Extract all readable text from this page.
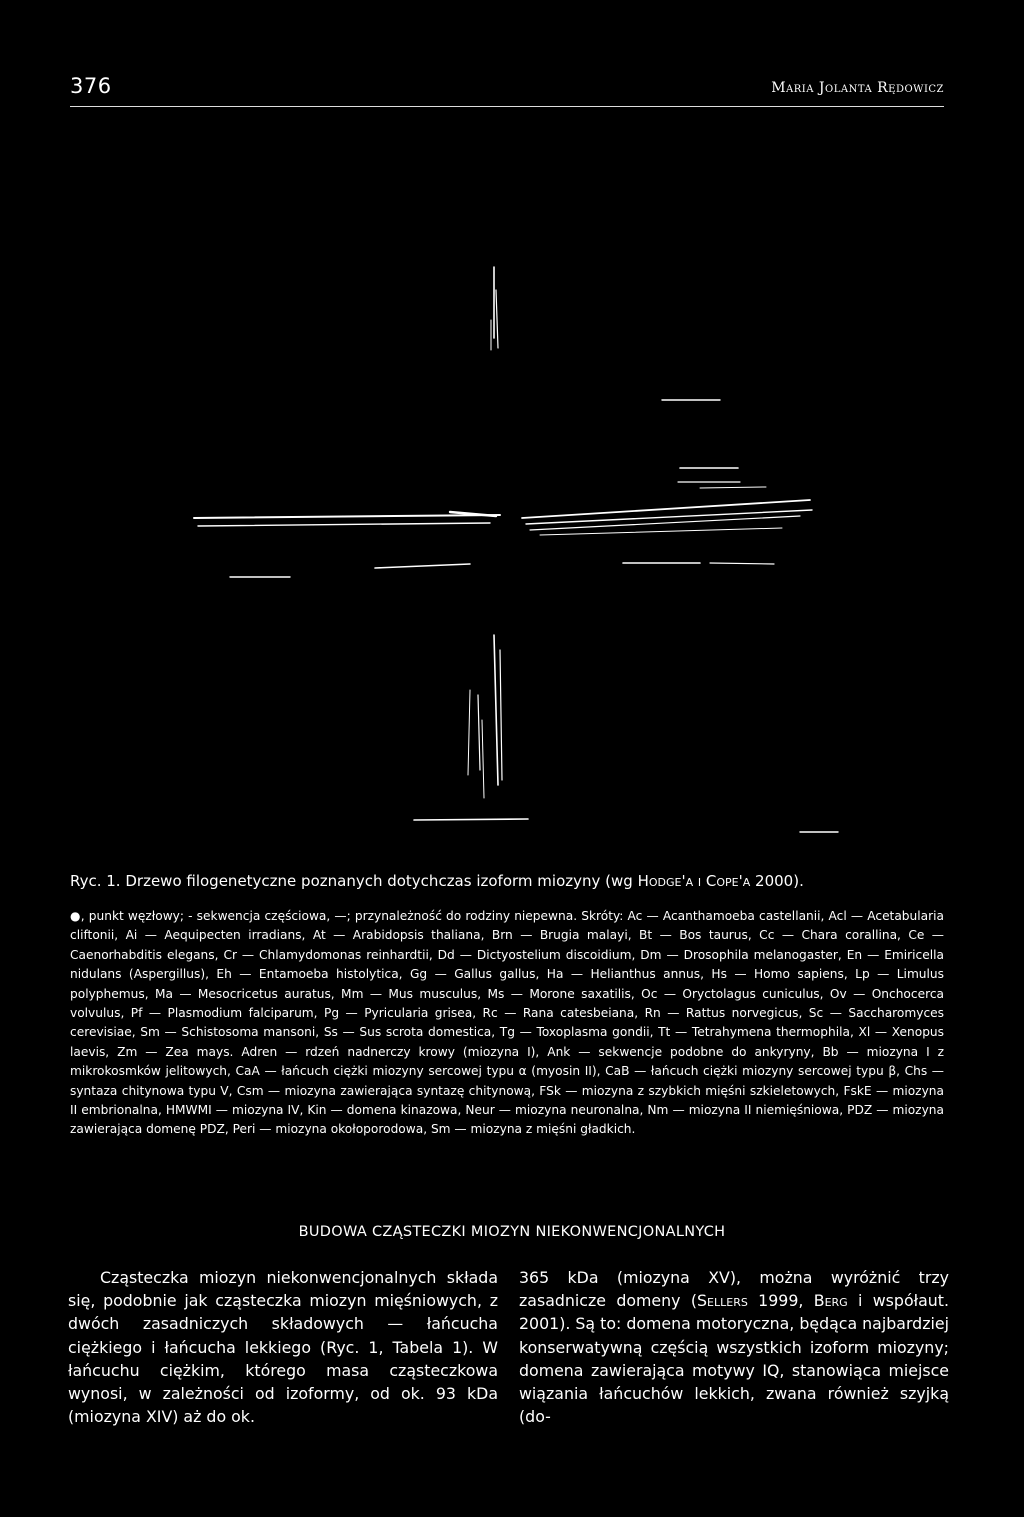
376	Maria Jolanta Rędowicz
Ryc. 1. Drzewo filogenetyczne poznanych dotychczas izoform miozyny (wg Hodge'a i Cope'a 2000).
●, punkt węzłowy; - sekwencja częściowa, —; przynależność do rodziny niepewna. Skróty: Ac — Acanthamoeba castellanii, Acl — Acetabularia cliftonii, Ai — Aequipecten irradians, At — Arabidopsis thaliana, Brn — Brugia malayi, Bt — Bos taurus, Cc — Chara corallina, Ce — Caenorhabditis elegans, Cr — Chlamydomonas reinhardtii, Dd — Dictyostelium discoidium, Dm — Drosophila melanogaster, En — Emiricella nidulans (Aspergillus), Eh — Entamoeba histolytica, Gg — Gallus gallus, Ha — Helianthus annus, Hs — Homo sapiens, Lp — Limulus polyphemus, Ma — Mesocricetus auratus, Mm — Mus musculus, Ms — Morone saxatilis, Oc — Oryctolagus cuniculus, Ov — Onchocerca volvulus, Pf — Plasmodium falciparum, Pg — Pyricularia grisea, Rc — Rana catesbeiana, Rn — Rattus norvegicus, Sc — Saccharomyces cerevisiae, Sm — Schistosoma mansoni, Ss — Sus scrota domestica, Tg — Toxoplasma gondii, Tt — Tetrahymena thermophila, Xl — Xenopus laevis, Zm — Zea mays. Adren — rdzeń nadnerczy krowy (miozyna I), Ank — sekwencje podobne do ankyryny, Bb — miozyna I z mikrokosmków jelitowych, CaA — łańcuch ciężki miozyny sercowej typu α (myosin II), CaB — łańcuch ciężki miozyny sercowej typu β, Chs — syntaza chitynowa typu V, Csm — miozyna zawierająca syntazę chitynową, FSk — miozyna z szybkich mięśni szkieletowych, FskE — miozyna II embrionalna, HMWMI — miozyna IV, Kin — domena kinazowa, Neur — miozyna neuronalna, Nm — miozyna II niemięśniowa, PDZ — miozyna zawierająca domenę PDZ, Peri — miozyna okołoporodowa, Sm — miozyna z mięśni gładkich.
BUDOWA CZĄSTECZKI MIOZYN NIEKONWENCJONALNYCH
Cząsteczka miozyn niekonwencjonalnych składa się, podobnie jak cząsteczka miozyn mięśniowych, z dwóch zasadniczych składowych — łańcucha ciężkiego i łańcucha lekkiego (Ryc. 1, Tabela 1). W łańcuchu ciężkim, którego masa cząsteczkowa wynosi, w zależności od izoformy, od ok. 93 kDa (miozyna XIV) aż do ok.
365 kDa (miozyna XV), można wyróżnić trzy zasadnicze domeny (Sellers 1999, Berg i współaut. 2001). Są to: domena motoryczna, będąca najbardziej konserwatywną częścią wszystkich izoform miozyny; domena zawierająca motywy IQ, stanowiąca miejsce wiązania łańcuchów lekkich, zwana również szyjką (do-
